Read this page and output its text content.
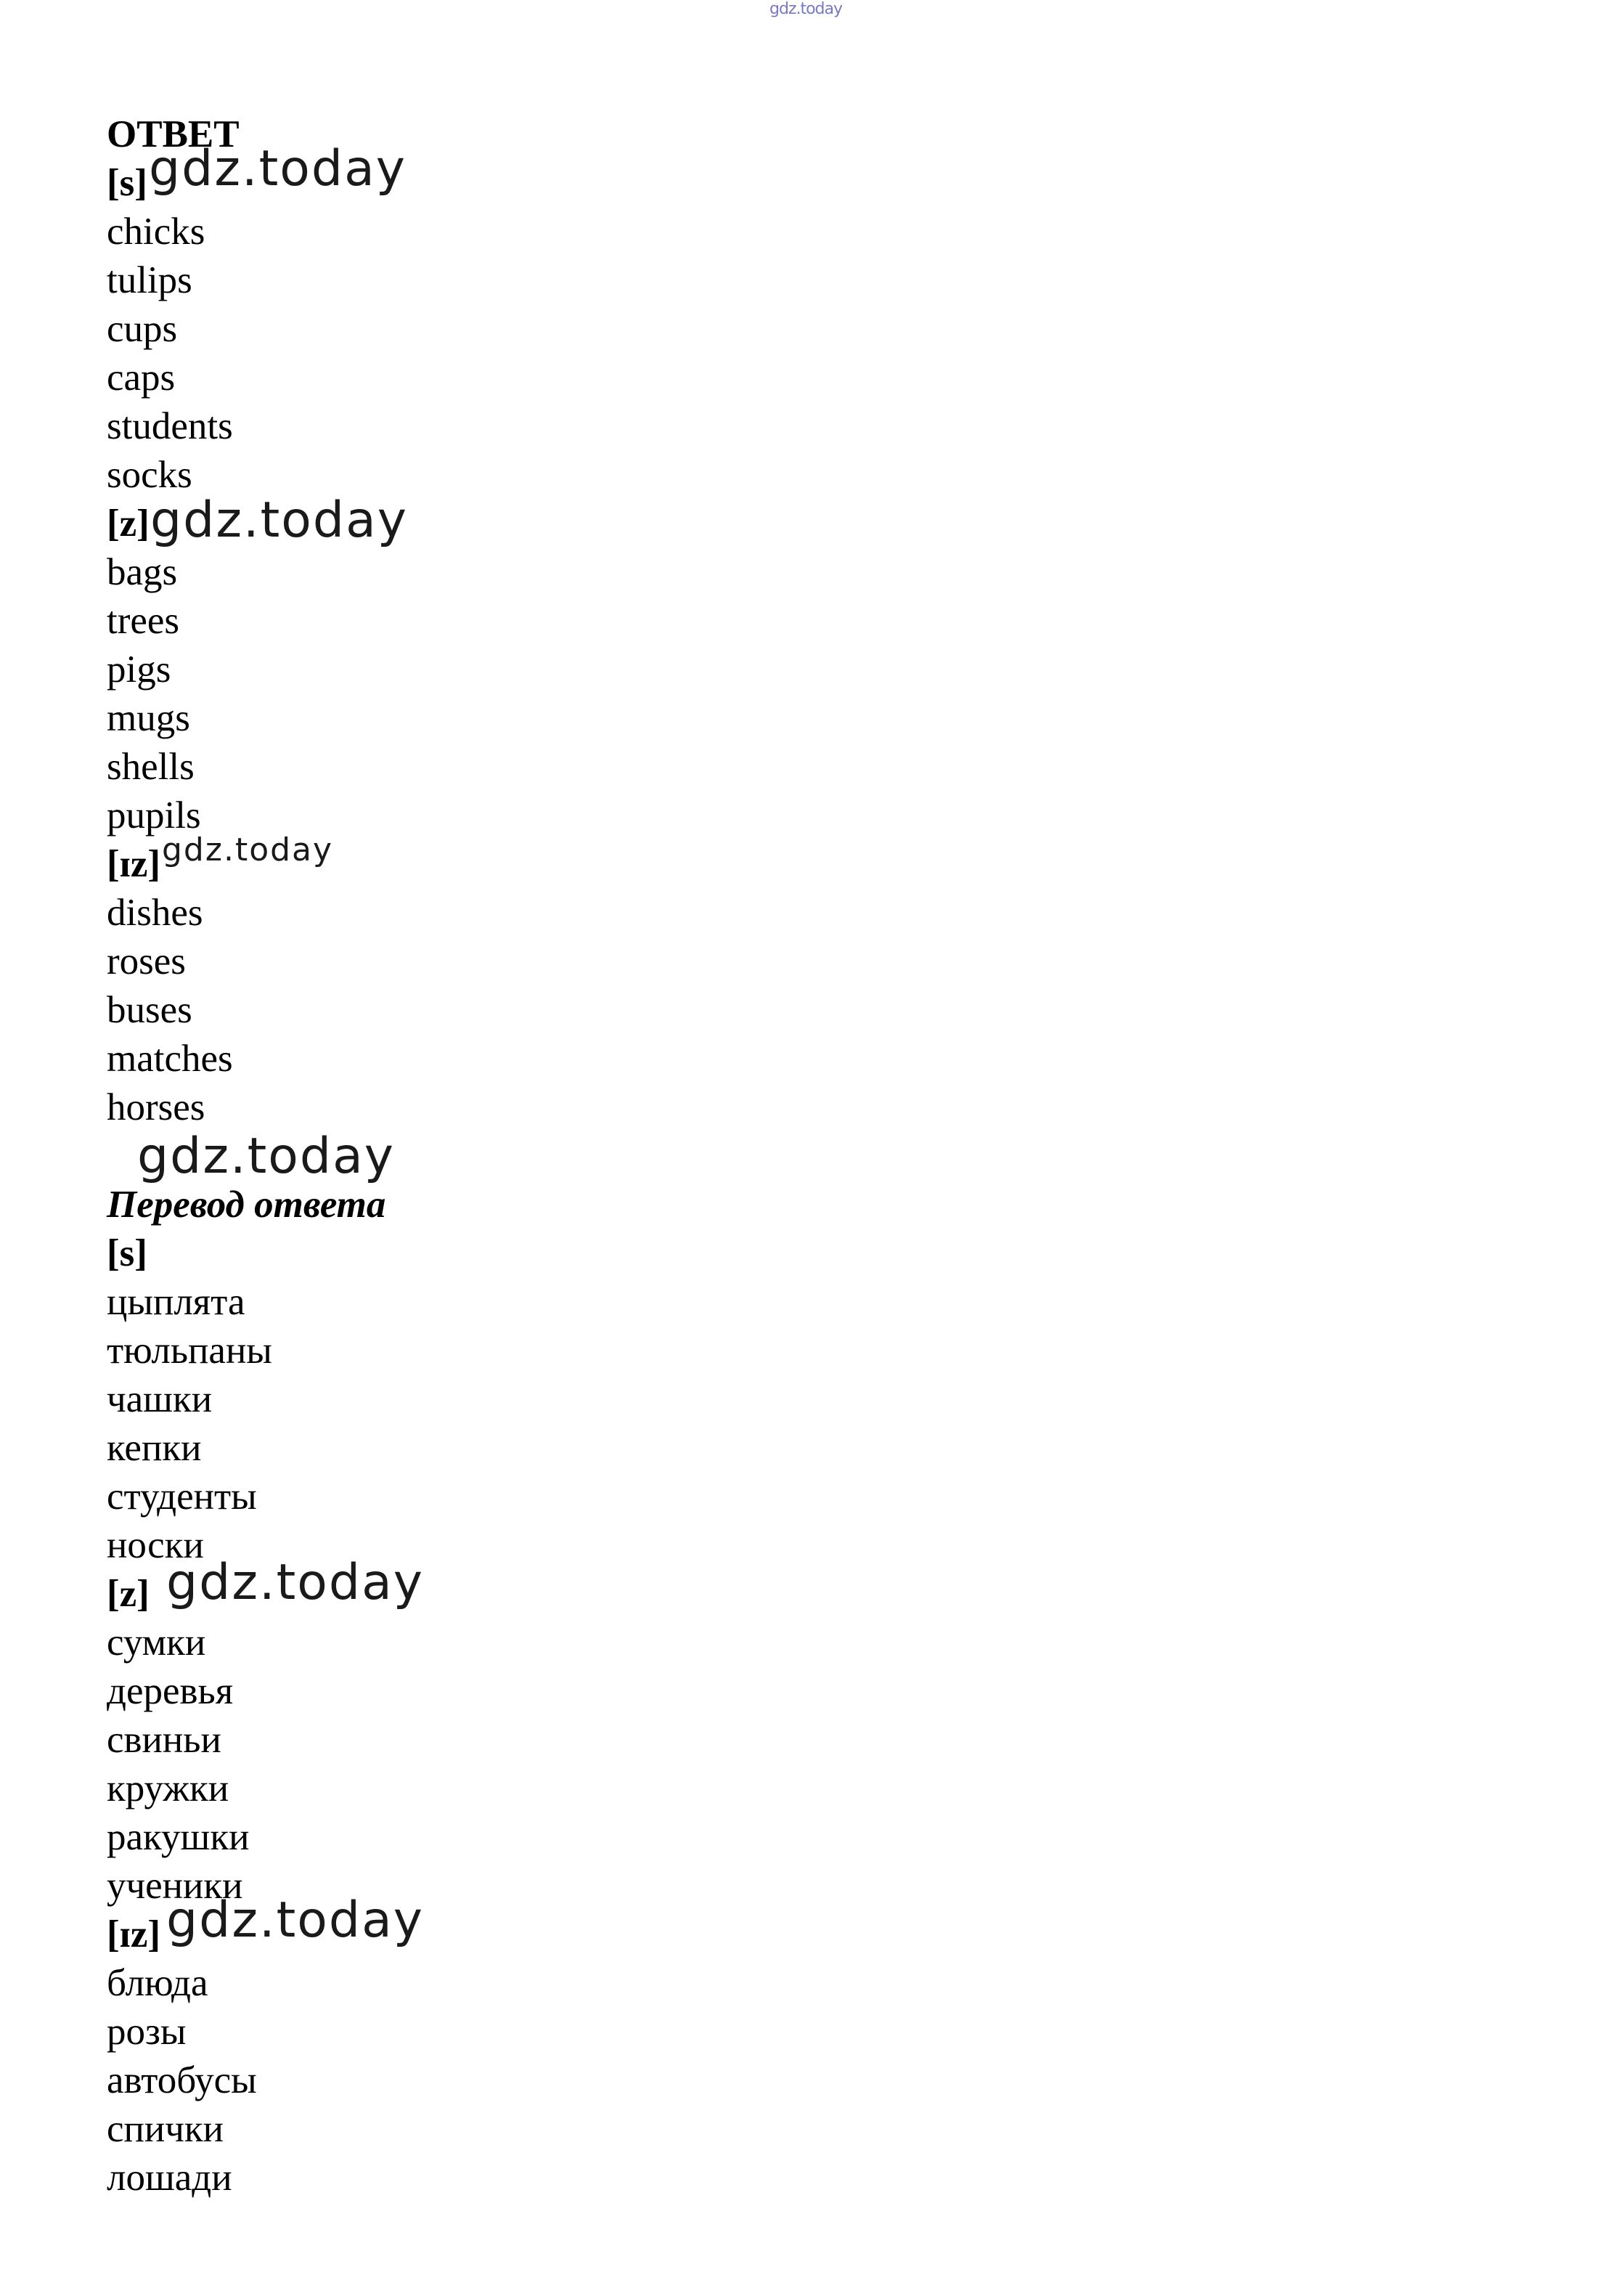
gdz.today
ОТВЕТ
[s] gdz.today
chicks
tulips
cups
caps
students
socks
[z] gdz.today
bags
trees
pigs
mugs
shells
pupils
[ɪz] gdz.today
dishes
roses
buses
matches
horses
gdz.today
Перевод ответа
[s]
цыплята
тюльпаны
чашки
кепки
студенты
носки
[z] gdz.today
сумки
деревья
свиньи
кружки
ракушки
ученики
[ɪz] gdz.today
блюда
розы
автобусы
спички
лошади
